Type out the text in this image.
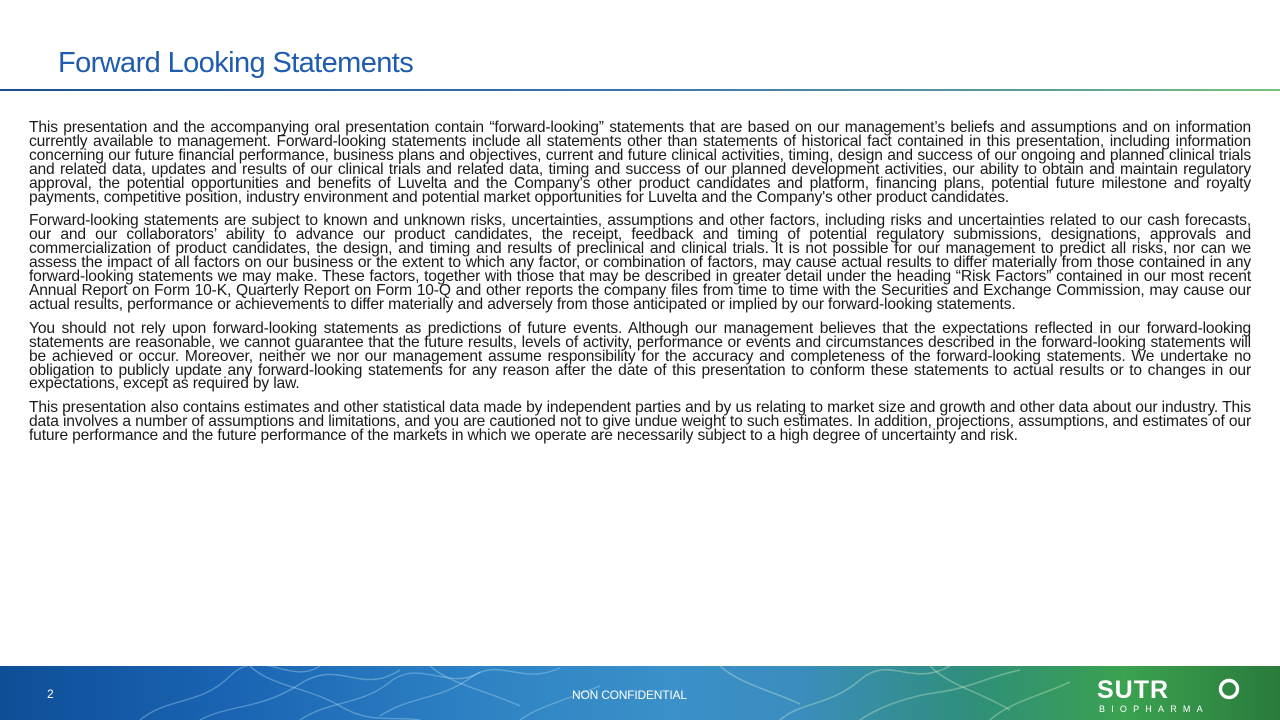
Forward Looking Statements

This presentation and the accompanying oral presentation contain “forward-looking” statements that are based on our management’s beliefs and assumptions and on information currently available to management. Forward-looking statements include all statements other than statements of historical fact contained in this presentation, including information concerning our future financial performance, business plans and objectives, current and future clinical activities, timing, design and success of our ongoing and planned clinical trials and related data, updates and results of our clinical trials and related data, timing and success of our planned development activities, our ability to obtain and maintain regulatory approval, the potential opportunities and benefits of Luvelta and the Company's other product candidates and platform, financing plans, potential future milestone and royalty payments, competitive position, industry environment and potential market opportunities for Luvelta and the Company's other product candidates.

Forward-looking statements are subject to known and unknown risks, uncertainties, assumptions and other factors, including risks and uncertainties related to our cash forecasts, our and our collaborators’ ability to advance our product candidates, the receipt, feedback and timing of potential regulatory submissions, designations, approvals and commercialization of product candidates, the design, and timing and results of preclinical and clinical trials. It is not possible for our management to predict all risks, nor can we assess the impact of all factors on our business or the extent to which any factor, or combination of factors, may cause actual results to differ materially from those contained in any forward-looking statements we may make. These factors, together with those that may be described in greater detail under the heading “Risk Factors” contained in our most recent Annual Report on Form 10-K, Quarterly Report on Form 10-Q and other reports the company files from time to time with the Securities and Exchange Commission, may cause our actual results, performance or achievements to differ materially and adversely from those anticipated or implied by our forward-looking statements.

You should not rely upon forward-looking statements as predictions of future events. Although our management believes that the expectations reflected in our forward-looking statements are reasonable, we cannot guarantee that the future results, levels of activity, performance or events and circumstances described in the forward-looking statements will be achieved or occur. Moreover, neither we nor our management assume responsibility for the accuracy and completeness of the forward-looking statements. We undertake no obligation to publicly update any forward-looking statements for any reason after the date of this presentation to conform these statements to actual results or to changes in our expectations, except as required by law.

This presentation also contains estimates and other statistical data made by independent parties and by us relating to market size and growth and other data about our industry. This data involves a number of assumptions and limitations, and you are cautioned not to give undue weight to such estimates. In addition, projections, assumptions, and estimates of our future performance and the future performance of the markets in which we operate are necessarily subject to a high degree of uncertainty and risk.

2	NON CONFIDENTIAL	SUTR
BIOPHARMA
